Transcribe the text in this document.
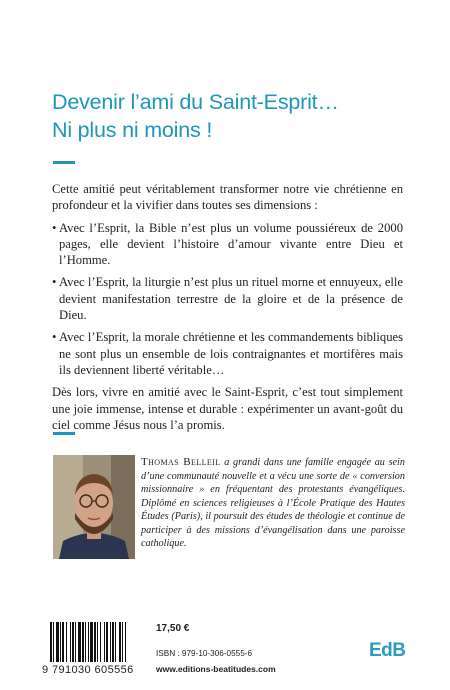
Devenir l’ami du Saint-Esprit…
Ni plus ni moins !

Cette amitié peut véritablement transformer notre vie chrétienne en profondeur et la vivifier dans toutes ses dimensions :

• Avec l’Esprit, la Bible n’est plus un volume poussiéreux de 2000 pages, elle devient l’histoire d’amour vivante entre Dieu et l’Homme.
• Avec l’Esprit, la liturgie n’est plus un rituel morne et ennuyeux, elle devient manifestation terrestre de la gloire et de la présence de Dieu.
• Avec l’Esprit, la morale chrétienne et les commandements bibliques ne sont plus un ensemble de lois contraignantes et mortifères mais ils deviennent liberté véritable…

Dès lors, vivre en amitié avec le Saint-Esprit, c’est tout simplement une joie immense, intense et durable : expérimenter un avant-goût du ciel comme Jésus nous l’a promis.

Thomas Belleil a grandi dans une famille engagée au sein d’une communauté nouvelle et a vécu une sorte de « conversion missionnaire » en fréquentant des protestants évangéliques. Diplômé en sciences religieuses à l’École Pratique des Hautes Études (Paris), il poursuit des études de théologie et continue de participer à des missions d’évangélisation dans une paroisse catholique.
9 791030 605556
17,50 €
ISBN : 979-10-306-0555-6
www.editions-beatitudes.com
EdB
